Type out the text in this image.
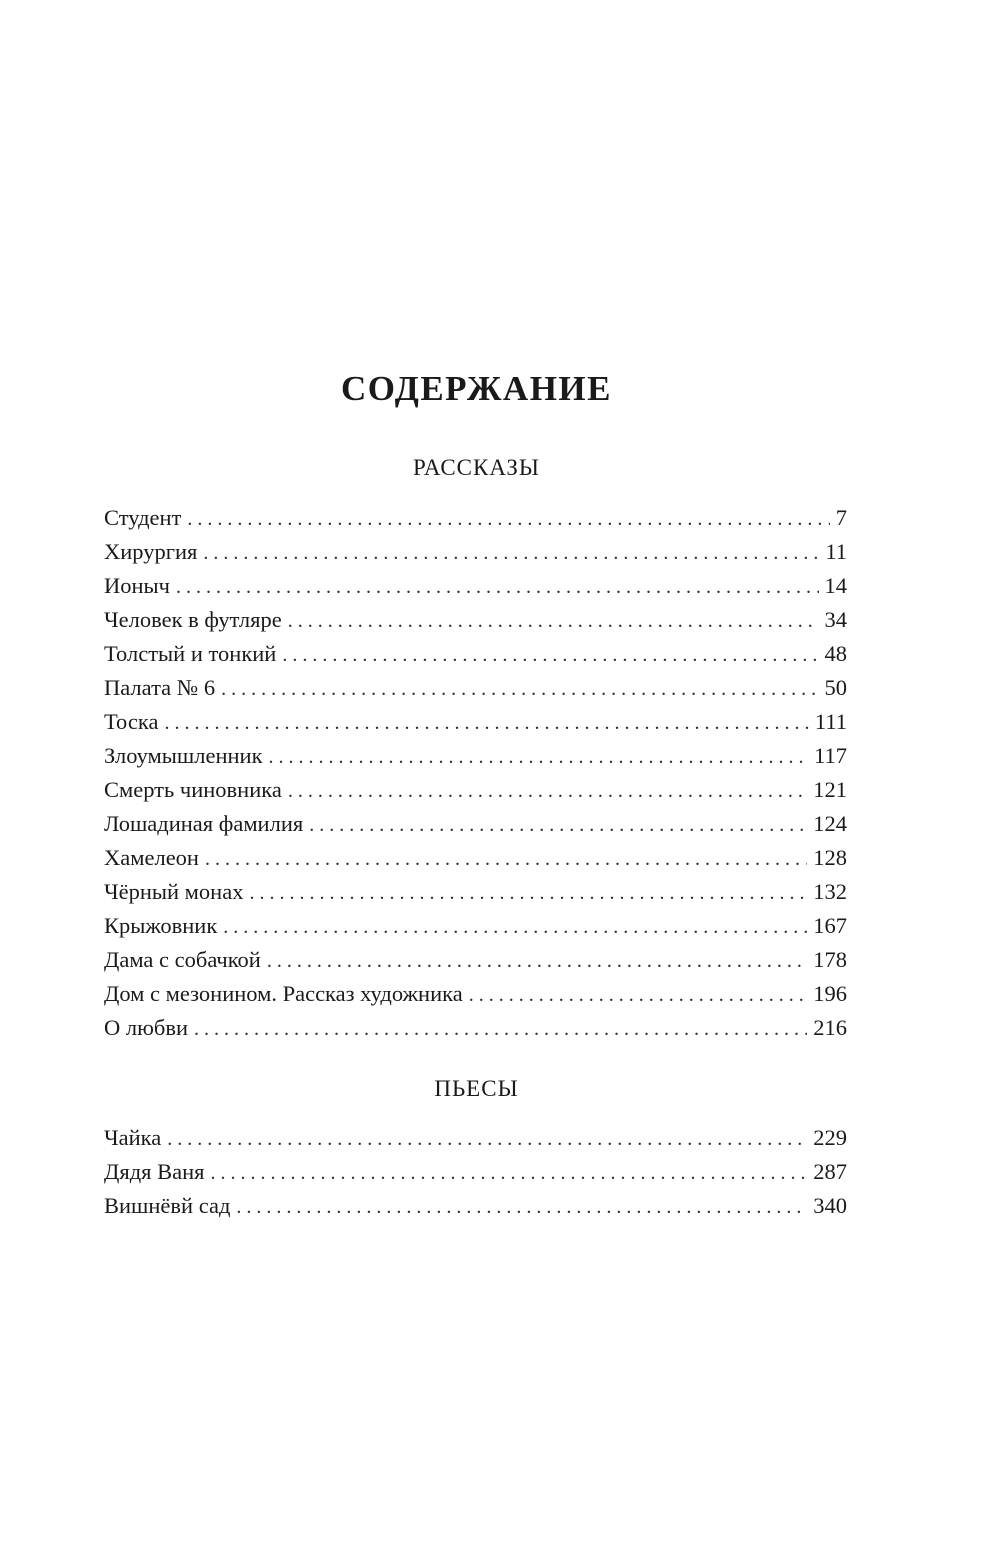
СОДЕРЖАНИЕ
РАССКАЗЫ
Студент . . .	7
Хирургия . . .	11
Ионыч . . .	14
Человек в футляре . . .	34
Толстый и тонкий . . .	48
Палата № 6 . . .	50
Тоска . . .	111
Злоумышленник . . .	117
Смерть чиновника . . .	121
Лошадиная фамилия . . .	124
Хамелеон . . .	128
Чёрный монах . . .	132
Крыжовник . . .	167
Дама с собачкой . . .	178
Дом с мезонином. Рассказ художника . . .	196
О любви . . .	216
ПЬЕСЫ
Чайка . . .	229
Дядя Ваня . . .	287
Вишнёвй сад . . .	340
